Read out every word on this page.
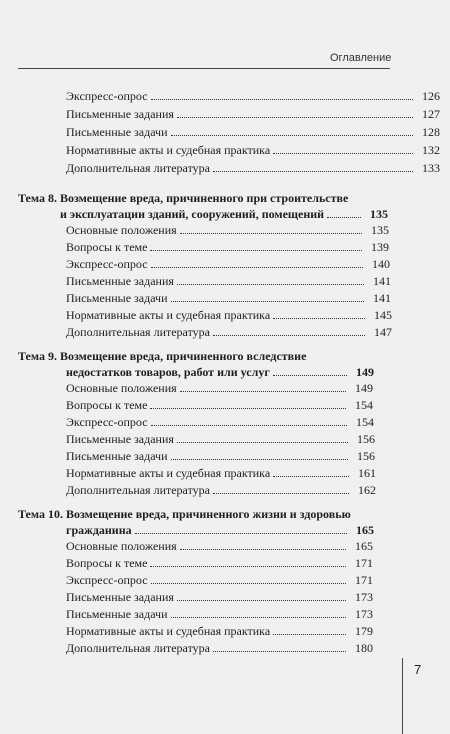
Оглавление
Экспресс-опрос	126
Письменные задания	127
Письменные задачи	128
Нормативные акты и судебная практика	132
Дополнительная литература	133
Тема 8. Возмещение вреда, причиненного при строительстве
и эксплуатации зданий, сооружений, помещений	135
Основные положения	135
Вопросы к теме	139
Экспресс-опрос	140
Письменные задания	141
Письменные задачи	141
Нормативные акты и судебная практика	145
Дополнительная литература	147
Тема 9. Возмещение вреда, причиненного вследствие
недостатков товаров, работ или услуг	149
Основные положения	149
Вопросы к теме	154
Экспресс-опрос	154
Письменные задания	156
Письменные задачи	156
Нормативные акты и судебная практика	161
Дополнительная литература	162
Тема 10. Возмещение вреда, причиненного жизни и здоровью
гражданина	165
Основные положения	165
Вопросы к теме	171
Экспресс-опрос	171
Письменные задания	173
Письменные задачи	173
Нормативные акты и судебная практика	179
Дополнительная литература	180
7
